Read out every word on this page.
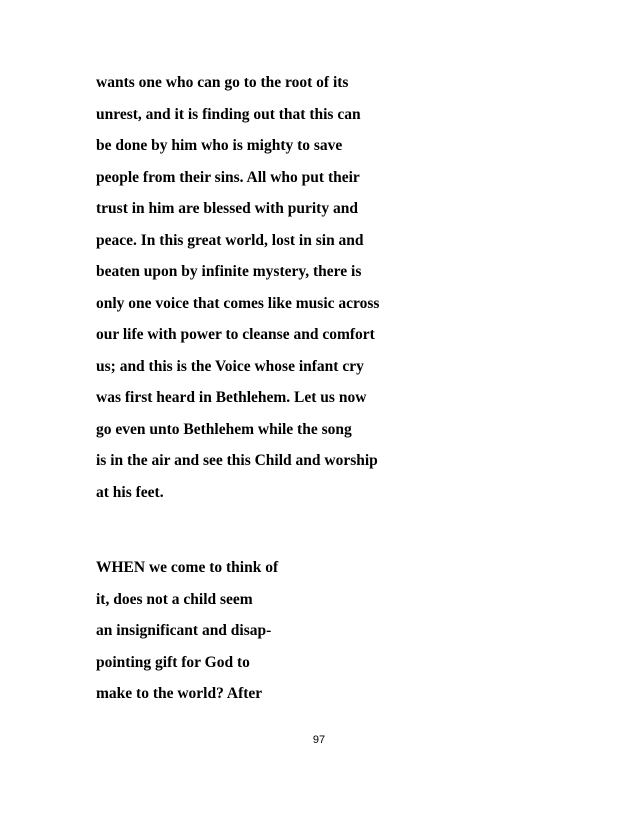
wants one who can go to the root of its
unrest, and it is finding out that this can
be done by him who is mighty to save
people from their sins. All who put their
trust in him are blessed with purity and
peace. In this great world, lost in sin and
beaten upon by infinite mystery, there is
only one voice that comes like music across
our life with power to cleanse and comfort
us; and this is the Voice whose infant cry
was first heard in Bethlehem. Let us now
go even unto Bethlehem while the song
is in the air and see this Child and worship
at his feet.
WHEN we come to think of
it, does not a child seem
an insignificant and disap-
pointing gift for God to
make to the world? After
97
